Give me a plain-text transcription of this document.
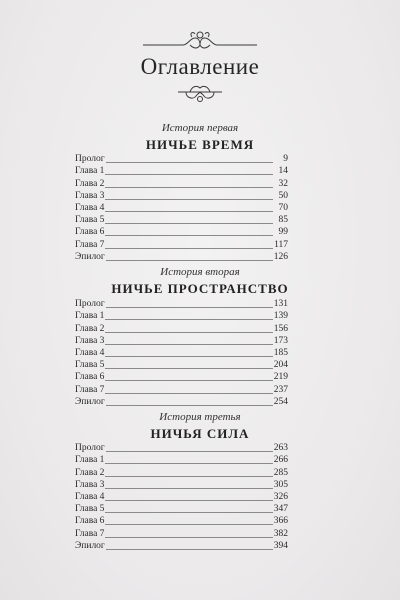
Оглавление
История первая
НИЧЬЕ ВРЕМЯ
Пролог	9
Глава 1	14
Глава 2	32
Глава 3	50
Глава 4	70
Глава 5	85
Глава 6	99
Глава 7	117
Эпилог	126
История вторая
НИЧЬЕ ПРОСТРАНСТВО
Пролог	131
Глава 1	139
Глава 2	156
Глава 3	173
Глава 4	185
Глава 5	204
Глава 6	219
Глава 7	237
Эпилог	254
История третья
НИЧЬЯ СИЛА
Пролог	263
Глава 1	266
Глава 2	285
Глава 3	305
Глава 4	326
Глава 5	347
Глава 6	366
Глава 7	382
Эпилог	394
